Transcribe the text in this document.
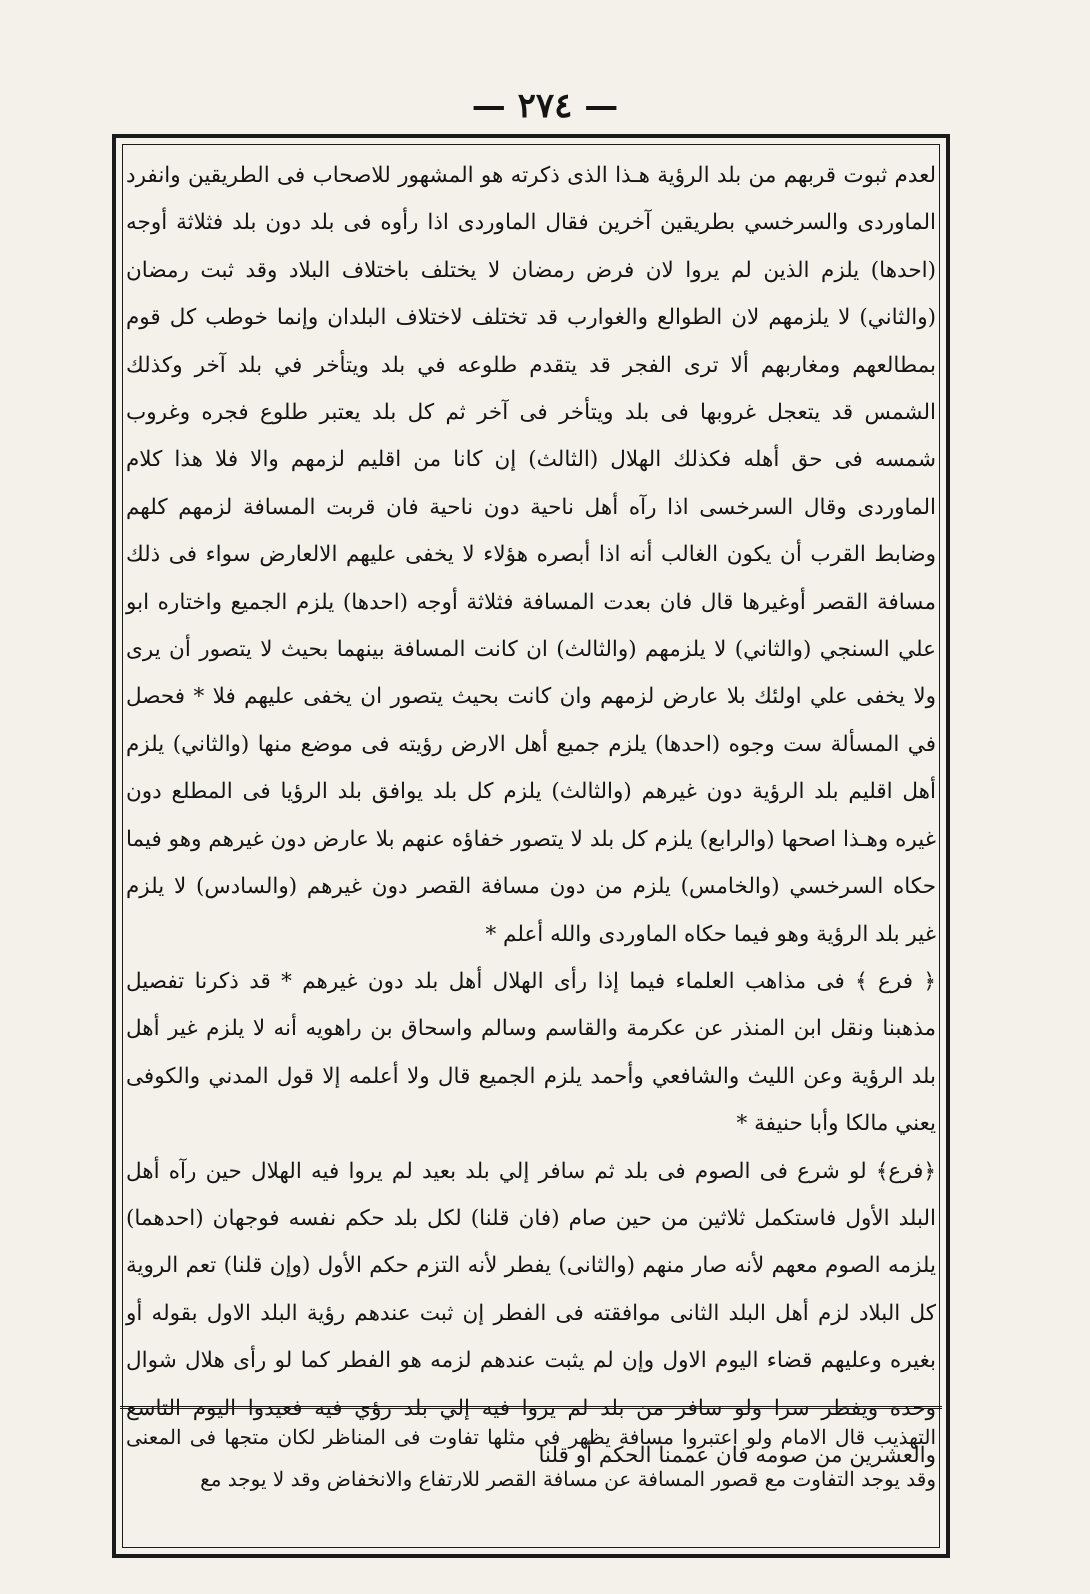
— ٢٧٤ —

لعدم ثبوت قربهم من بلد الرؤية هـذا الذى ذكرته هو المشهور للاصحاب فى الطريقين وانفرد الماوردى والسرخسي بطريقين آخرين فقال الماوردى اذا رأوه فى بلد دون بلد فثلاثة أوجه (احدها) يلزم الذين لم يروا لان فرض رمضان لا يختلف باختلاف البلاد وقد ثبت رمضان (والثاني) لا يلزمهم لان الطوالع والغوارب قد تختلف لاختلاف البلدان وإنما خوطب كل قوم بمطالعهم ومغاربهم ألا ترى الفجر قد يتقدم طلوعه في بلد ويتأخر في بلد آخر وكذلك الشمس قد يتعجل غروبها فى بلد ويتأخر فى آخر ثم كل بلد يعتبر طلوع فجره وغروب شمسه فى حق أهله فكذلك الهلال (الثالث) إن كانا من اقليم لزمهم والا فلا هذا كلام الماوردى وقال السرخسى اذا رآه أهل ناحية دون ناحية فان قربت المسافة لزمهم كلهم وضابط القرب أن يكون الغالب أنه اذا أبصره هؤلاء لا يخفى عليهم الالعارض سواء فى ذلك مسافة القصر أوغيرها قال فان بعدت المسافة فثلاثة أوجه (احدها) يلزم الجميع واختاره ابو علي السنجي (والثاني) لا يلزمهم (والثالث) ان كانت المسافة بينهما بحيث لا يتصور أن يرى ولا يخفى علي اولئك بلا عارض لزمهم وان كانت بحيث يتصور ان يخفى عليهم فلا * فحصل في المسألة ست وجوه (احدها) يلزم جميع أهل الارض رؤيته فى موضع منها (والثاني) يلزم أهل اقليم بلد الرؤية دون غيرهم (والثالث) يلزم كل بلد يوافق بلد الرؤيا فى المطلع دون غيره وهـذا اصحها (والرابع) يلزم كل بلد لا يتصور خفاؤه عنهم بلا عارض دون غيرهم وهو فيما حكاه السرخسي (والخامس) يلزم من دون مسافة القصر دون غيرهم (والسادس) لا يلزم غير بلد الرؤية وهو فيما حكاه الماوردى والله أعلم *

﴿ فرع ﴾ فى مذاهب العلماء فيما إذا رأى الهلال أهل بلد دون غيرهم * قد ذكرنا تفصيل مذهبنا ونقل ابن المنذر عن عكرمة والقاسم وسالم واسحاق بن راهويه أنه لا يلزم غير أهل بلد الرؤية وعن الليث والشافعي وأحمد يلزم الجميع قال ولا أعلمه إلا قول المدني والكوفى يعني مالكا وأبا حنيفة *

﴿فرع﴾ لو شرع فى الصوم فى بلد ثم سافر إلي بلد بعيد لم يروا فيه الهلال حين رآه أهل البلد الأول فاستكمل ثلاثين من حين صام (فان قلنا) لكل بلد حكم نفسه فوجهان (احدهما) يلزمه الصوم معهم لأنه صار منهم (والثانى) يفطر لأنه التزم حكم الأول (وإن قلنا) تعم الروية كل البلاد لزم أهل البلد الثانى موافقته فى الفطر إن ثبت عندهم رؤية البلد الاول بقوله أو بغيره وعليهم قضاء اليوم الاول وإن لم يثبت عندهم لزمه هو الفطر كما لو رأى هلال شوال وحده ويفطر سرا ولو سافر من بلد لم يروا فيه إلي بلد رؤي فيه فعيدوا اليوم التاسع والعشرين من صومه فان عممنا الحكم أو قلنا

التهذيب قال الامام ولو اعتبروا مسافة يظهر فى مثلها تفاوت فى المناظر لكان متجها فى المعنى وقد يوجد التفاوت مع قصور المسافة عن مسافة القصر للارتفاع والانخفاض وقد لا يوجد مع
